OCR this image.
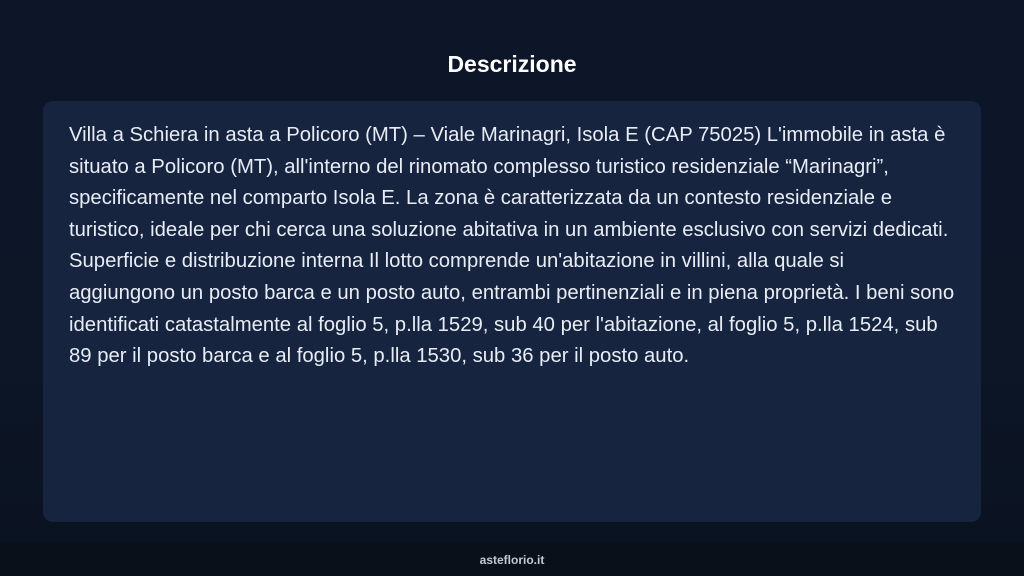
Descrizione

Villa a Schiera in asta a Policoro (MT) – Viale Marinagri, Isola E (CAP 75025) L'immobile in asta è situato a Policoro (MT), all'interno del rinomato complesso turistico residenziale “Marinagri”, specificamente nel comparto Isola E. La zona è caratterizzata da un contesto residenziale e turistico, ideale per chi cerca una soluzione abitativa in un ambiente esclusivo con servizi dedicati. Superficie e distribuzione interna Il lotto comprende un'abitazione in villini, alla quale si aggiungono un posto barca e un posto auto, entrambi pertinenziali e in piena proprietà. I beni sono identificati catastalmente al foglio 5, p.lla 1529, sub 40 per l'abitazione, al foglio 5, p.lla 1524, sub 89 per il posto barca e al foglio 5, p.lla 1530, sub 36 per il posto auto.

asteflorio.it
